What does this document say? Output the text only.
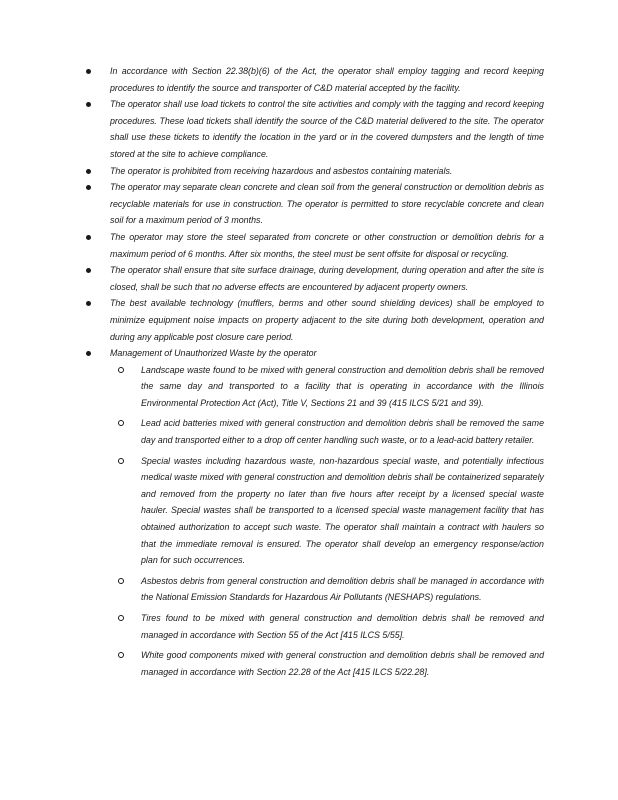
In accordance with Section 22.38(b)(6) of the Act, the operator shall employ tagging and record keeping procedures to identify the source and transporter of C&D material accepted by the facility.
The operator shall use load tickets to control the site activities and comply with the tagging and record keeping procedures. These load tickets shall identify the source of the C&D material delivered to the site. The operator shall use these tickets to identify the location in the yard or in the covered dumpsters and the length of time stored at the site to achieve compliance.
The operator is prohibited from receiving hazardous and asbestos containing materials.
The operator may separate clean concrete and clean soil from the general construction or demolition debris as recyclable materials for use in construction. The operator is permitted to store recyclable concrete and clean soil for a maximum period of 3 months.
The operator may store the steel separated from concrete or other construction or demolition debris for a maximum period of 6 months. After six months, the steel must be sent offsite for disposal or recycling.
The operator shall ensure that site surface drainage, during development, during operation and after the site is closed, shall be such that no adverse effects are encountered by adjacent property owners.
The best available technology (mufflers, berms and other sound shielding devices) shall be employed to minimize equipment noise impacts on property adjacent to the site during both development, operation and during any applicable post closure care period.
Management of Unauthorized Waste by the operator
Landscape waste found to be mixed with general construction and demolition debris shall be removed the same day and transported to a facility that is operating in accordance with the Illinois Environmental Protection Act (Act), Title V, Sections 21 and 39 (415 ILCS 5/21 and 39).
Lead acid batteries mixed with general construction and demolition debris shall be removed the same day and transported either to a drop off center handling such waste, or to a lead-acid battery retailer.
Special wastes including hazardous waste, non-hazardous special waste, and potentially infectious medical waste mixed with general construction and demolition debris shall be containerized separately and removed from the property no later than five hours after receipt by a licensed special waste hauler. Special wastes shall be transported to a licensed special waste management facility that has obtained authorization to accept such waste. The operator shall maintain a contract with haulers so that the immediate removal is ensured. The operator shall develop an emergency response/action plan for such occurrences.
Asbestos debris from general construction and demolition debris shall be managed in accordance with the National Emission Standards for Hazardous Air Pollutants (NESHAPS) regulations.
Tires found to be mixed with general construction and demolition debris shall be removed and managed in accordance with Section 55 of the Act [415 ILCS 5/55].
White good components mixed with general construction and demolition debris shall be removed and managed in accordance with Section 22.28 of the Act [415 ILCS 5/22.28].
